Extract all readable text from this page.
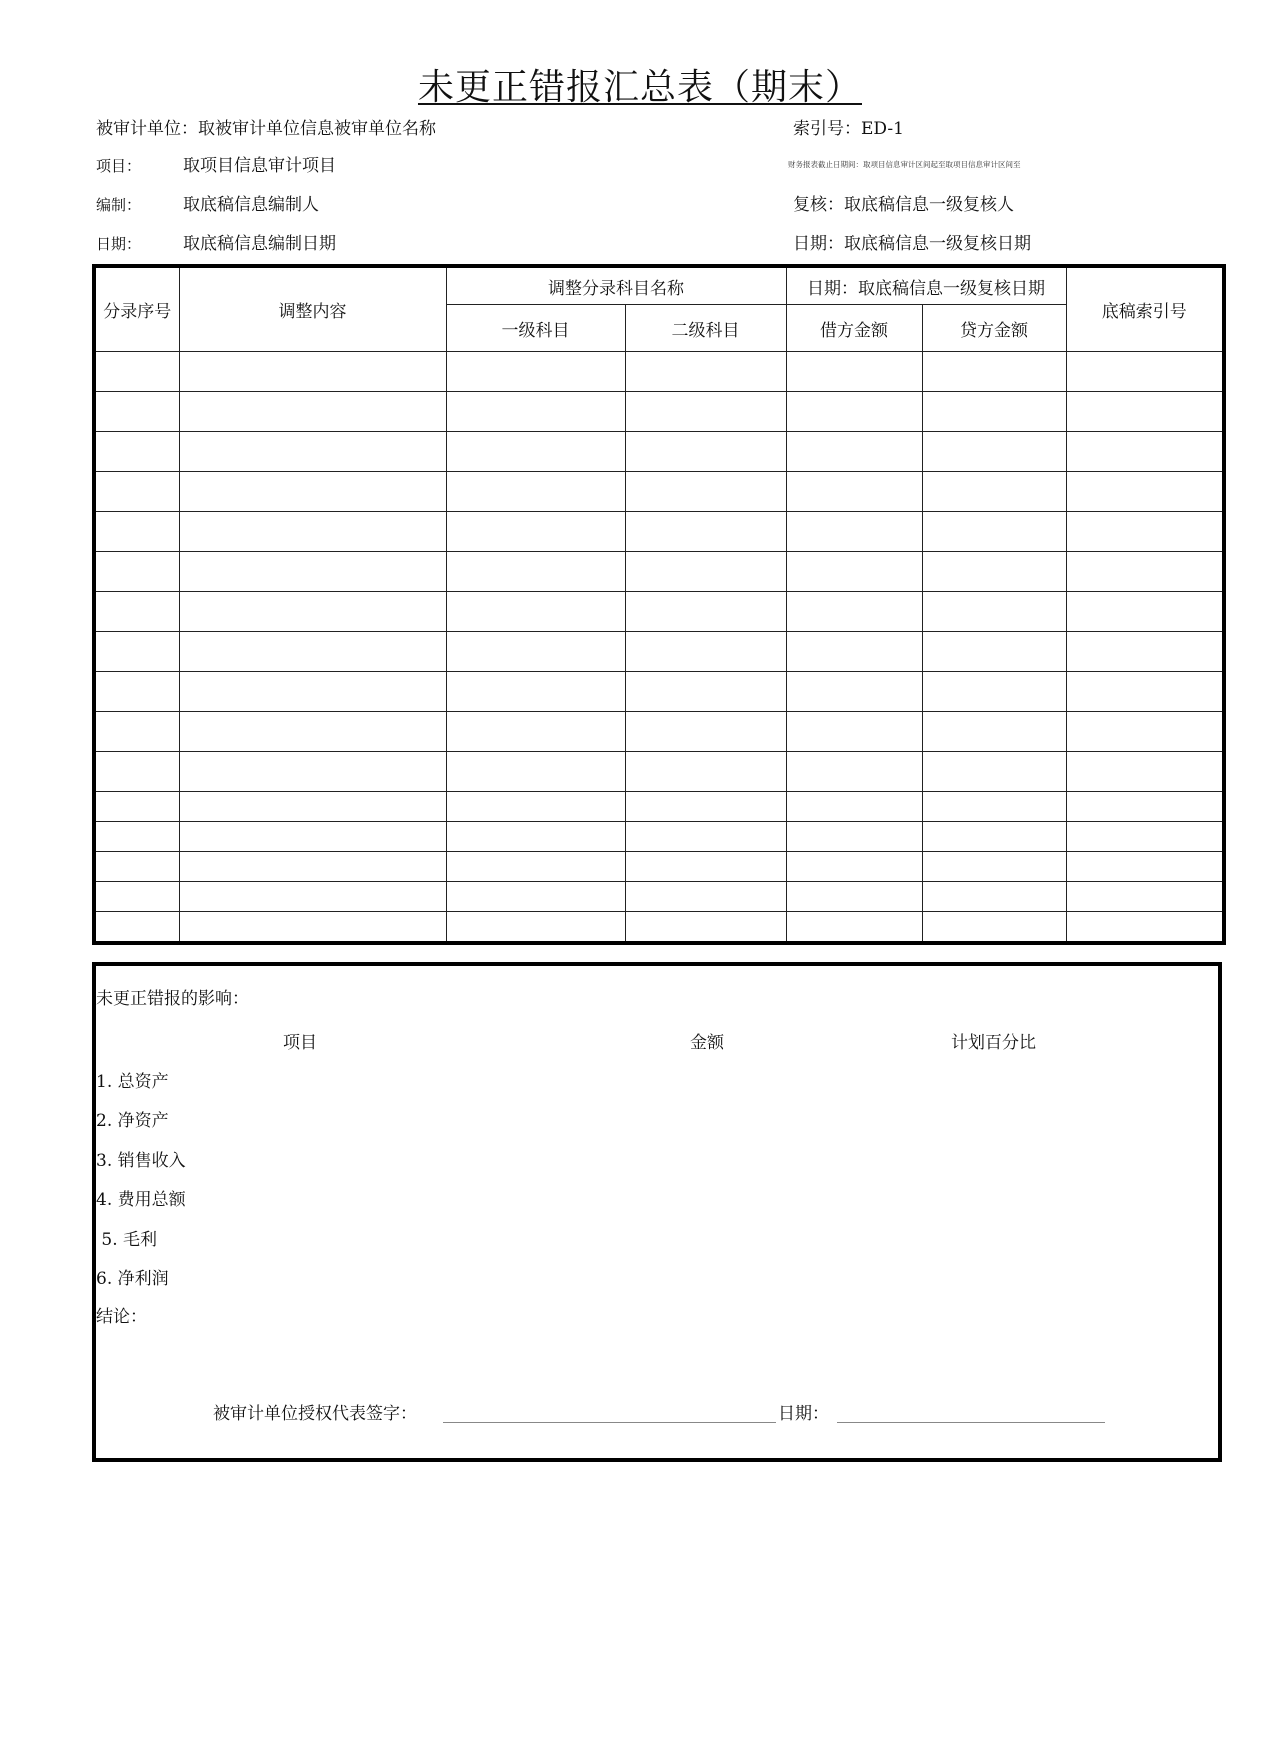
未更正错报汇总表（期末）
被审计单位：取被审计单位信息被审单位名称
项目： 取项目信息审计项目
编制： 取底稿信息编制人
日期： 取底稿信息编制日期
索引号：ED-1
财务报表截止日期间：取项目信息审计区间起至取项目信息审计区间至
复核：取底稿信息一级复核人
日期：取底稿信息一级复核日期
分录序号	调整内容	调整分录科目名称		日期：取底稿信息一级复核日期		底稿索引号
		一级科目	二级科目	借方金额	贷方金额	

未更正错报的影响：
项目	金额	计划百分比
1. 总资产
2. 净资产
3. 销售收入
4. 费用总额
5. 毛利
6. 净利润
结论：
被审计单位授权代表签字：	日期：
